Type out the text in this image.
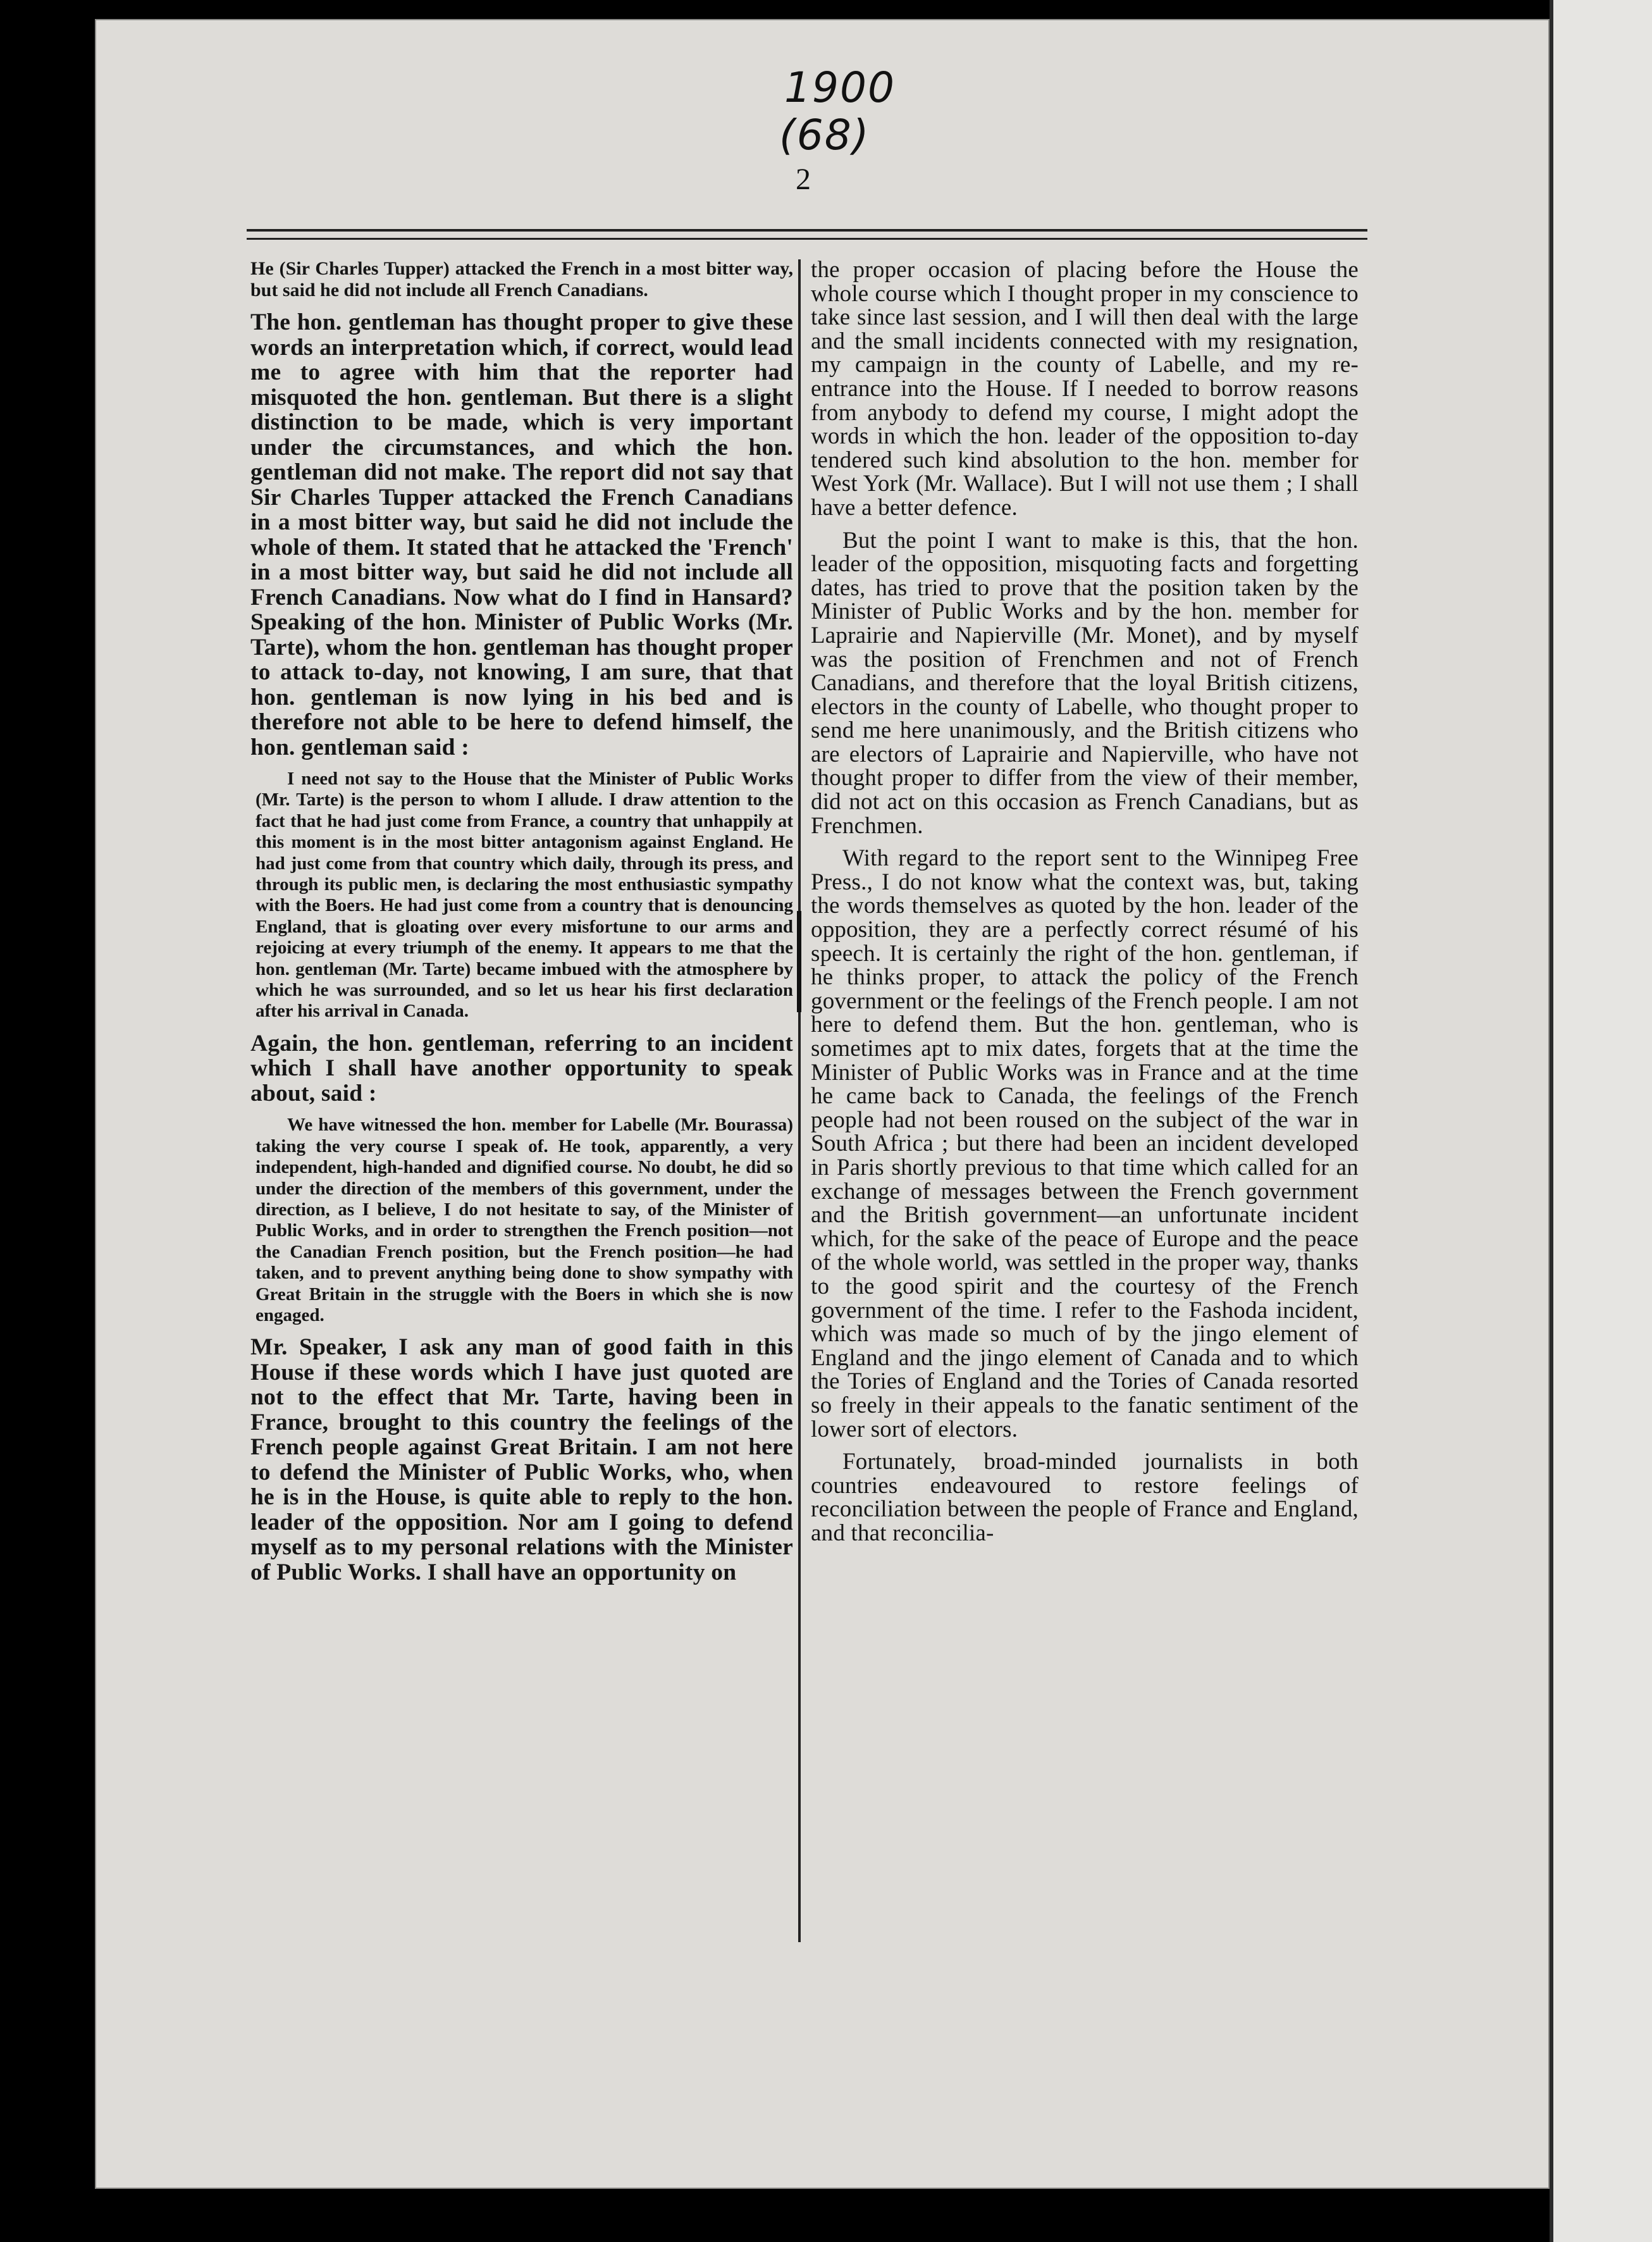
1900
(68)
2

He (Sir Charles Tupper) attacked the French in a most bitter way, but said he did not include all French Canadians.

The hon. gentleman has thought proper to give these words an interpretation which, if correct, would lead me to agree with him that the reporter had misquoted the hon. gentleman. But there is a slight distinction to be made, which is very important under the circumstances, and which the hon. gentleman did not make. The report did not say that Sir Charles Tupper attacked the French Canadians in a most bitter way, but said he did not include the whole of them. It stated that he attacked the 'French' in a most bitter way, but said he did not include all French Canadians. Now what do I find in Hansard? Speaking of the hon. Minister of Public Works (Mr. Tarte), whom the hon. gentleman has thought proper to attack to-day, not knowing, I am sure, that that hon. gentleman is now lying in his bed and is therefore not able to be here to defend himself, the hon. gentleman said :

I need not say to the House that the Minister of Public Works (Mr. Tarte) is the person to whom I allude. I draw attention to the fact that he had just come from France, a country that unhappily at this moment is in the most bitter antagonism against England. He had just come from that country which daily, through its press, and through its public men, is declaring the most enthusiastic sympathy with the Boers. He had just come from a country that is denouncing England, that is gloating over every misfortune to our arms and rejoicing at every triumph of the enemy. It appears to me that the hon. gentleman (Mr. Tarte) became imbued with the atmosphere by which he was surrounded, and so let us hear his first declaration after his arrival in Canada.

Again, the hon. gentleman, referring to an incident which I shall have another opportunity to speak about, said :

We have witnessed the hon. member for Labelle (Mr. Bourassa) taking the very course I speak of. He took, apparently, a very independent, high-handed and dignified course. No doubt, he did so under the direction of the members of this government, under the direction, as I believe, I do not hesitate to say, of the Minister of Public Works, and in order to strengthen the French position—not the Canadian French position, but the French position—he had taken, and to prevent anything being done to show sympathy with Great Britain in the struggle with the Boers in which she is now engaged.

Mr. Speaker, I ask any man of good faith in this House if these words which I have just quoted are not to the effect that Mr. Tarte, having been in France, brought to this country the feelings of the French people against Great Britain. I am not here to defend the Minister of Public Works, who, when he is in the House, is quite able to reply to the hon. leader of the opposition. Nor am I going to defend myself as to my personal relations with the Minister of Public Works. I shall have an opportunity on

the proper occasion of placing before the House the whole course which I thought proper in my conscience to take since last session, and I will then deal with the large and the small incidents connected with my resignation, my campaign in the county of Labelle, and my re-entrance into the House. If I needed to borrow reasons from anybody to defend my course, I might adopt the words in which the hon. leader of the opposition to-day tendered such kind absolution to the hon. member for West York (Mr. Wallace). But I will not use them ; I shall have a better defence.

But the point I want to make is this, that the hon. leader of the opposition, misquoting facts and forgetting dates, has tried to prove that the position taken by the Minister of Public Works and by the hon. member for Laprairie and Napierville (Mr. Monet), and by myself was the position of Frenchmen and not of French Canadians, and therefore that the loyal British citizens, electors in the county of Labelle, who thought proper to send me here unanimously, and the British citizens who are electors of Laprairie and Napierville, who have not thought proper to differ from the view of their member, did not act on this occasion as French Canadians, but as Frenchmen.

With regard to the report sent to the Winnipeg Free Press., I do not know what the context was, but, taking the words themselves as quoted by the hon. leader of the opposition, they are a perfectly correct résumé of his speech. It is certainly the right of the hon. gentleman, if he thinks proper, to attack the policy of the French government or the feelings of the French people. I am not here to defend them. But the hon. gentleman, who is sometimes apt to mix dates, forgets that at the time the Minister of Public Works was in France and at the time he came back to Canada, the feelings of the French people had not been roused on the subject of the war in South Africa ; but there had been an incident developed in Paris shortly previous to that time which called for an exchange of messages between the French government and the British government—an unfortunate incident which, for the sake of the peace of Europe and the peace of the whole world, was settled in the proper way, thanks to the good spirit and the courtesy of the French government of the time. I refer to the Fashoda incident, which was made so much of by the jingo element of England and the jingo element of Canada and to which the Tories of England and the Tories of Canada resorted so freely in their appeals to the fanatic sentiment of the lower sort of electors.

Fortunately, broad-minded journalists in both countries endeavoured to restore feelings of reconciliation between the people of France and England, and that reconcilia-
